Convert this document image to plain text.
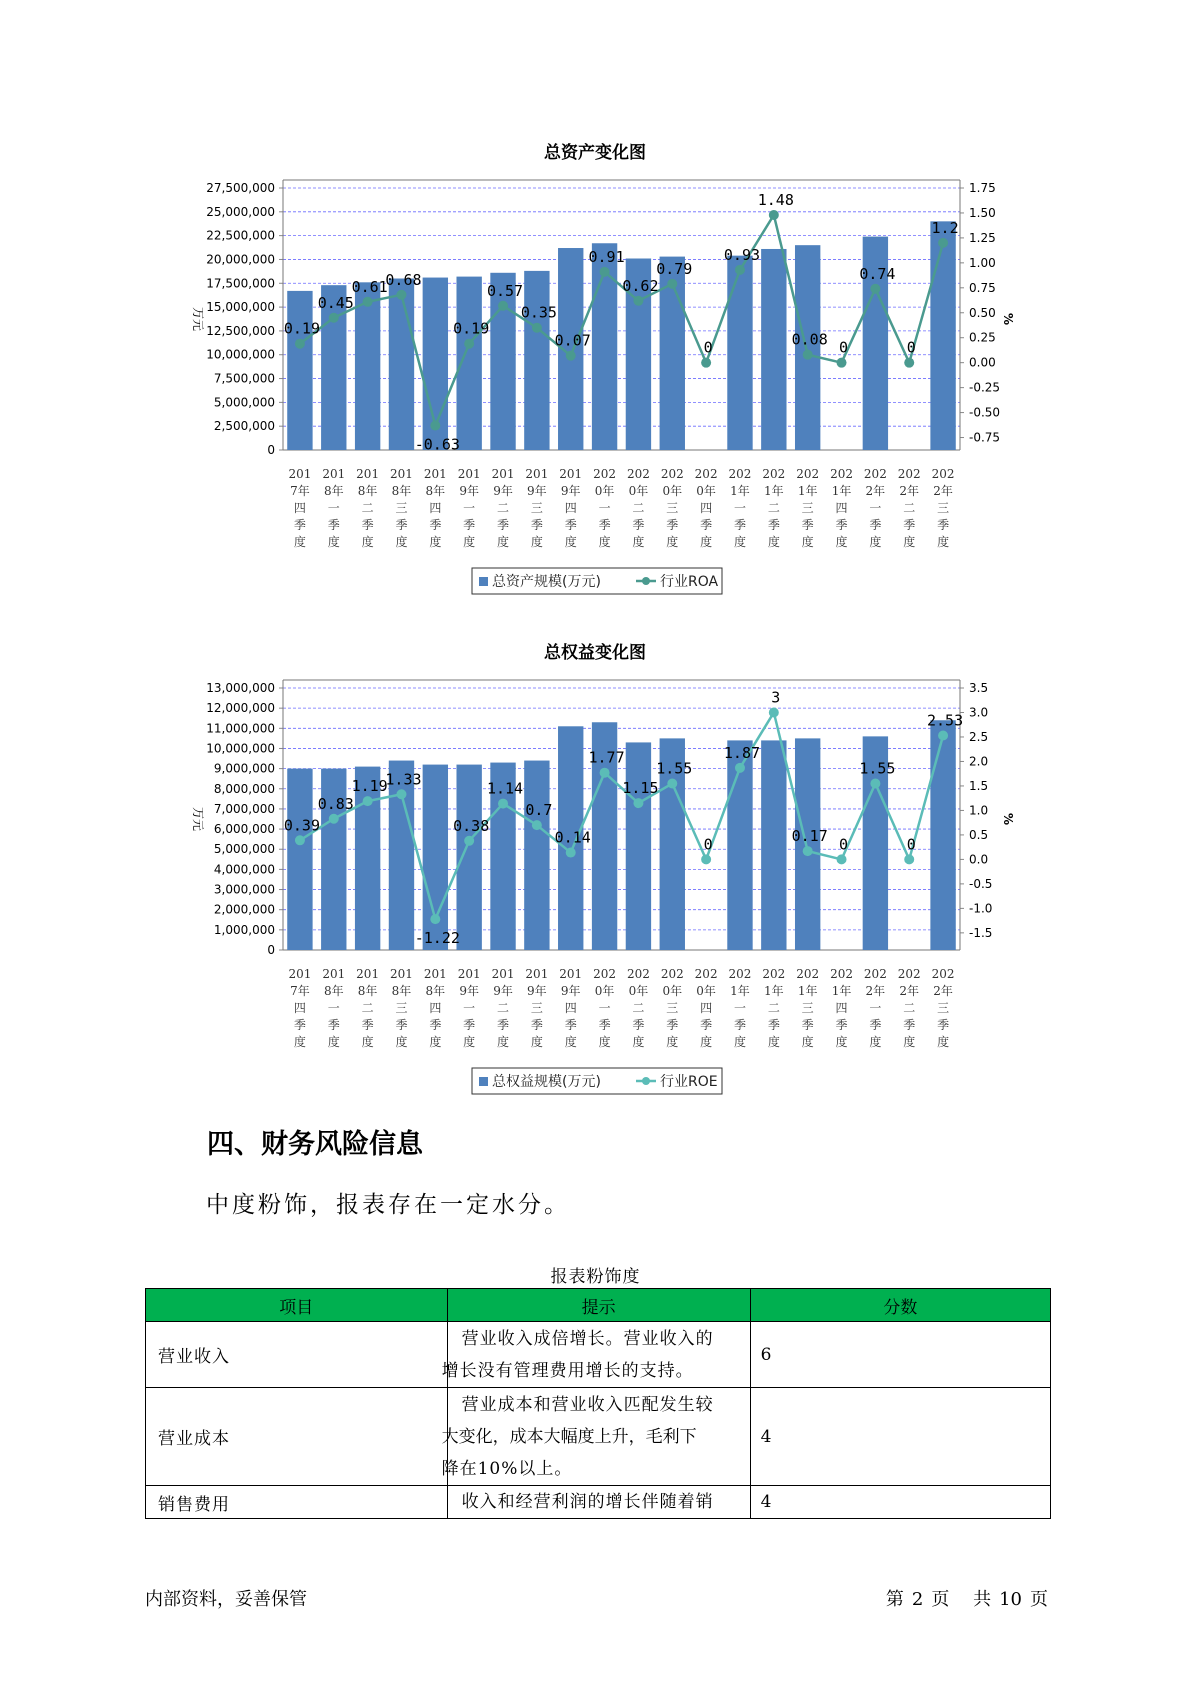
总资产变化图
0
2,500,000
5,000,000
7,500,000
10,000,000
12,500,000
15,000,000
17,500,000
20,000,000
22,500,000
25,000,000
27,500,000
-0.75
-0.50
-0.25
0.00
0.25
0.50
0.75
1.00
1.25
1.50
1.75
万元	%
0.19
0.45
0.61
0.68
-0.63
0.19
0.57
0.35
0.07
0.91
0.62
0.79
0
0.93
1.48
0.08 0
0.74
0
1.2
201
7年
四
季
度
201
8年
一
季
度
201
8年
二
季
度
201
8年
三
季
度
201
8年
四
季
度
201
9年
一
季
度
201
9年
二
季
度
201
9年
三
季
度
201
9年
四
季
度
202
0年
一
季
度
202
0年
二
季
度
202
0年
三
季
度
202
0年
四
季
度
202
1年
一
季
度
202
1年
二
季
度
202
1年
三
季
度
202
1年
四
季
度
202
2年
一
季
度
202
2年
二
季
度
202
2年
三
季
度
总资产规模(万元)	行业ROA
总权益变化图
0
1,000,000
2,000,000
3,000,000
4,000,000
5,000,000
6,000,000
7,000,000
8,000,000
9,000,000
10,000,000
11,000,000
12,000,000
13,000,000
-1.5
-1.0
-0.5
0.0
0.5
1.0
1.5
2.0
2.5
3.0
3.5
万元	%
0.39
0.83
1.19
1.33
-1.22
0.38
1.14
0.7
0.14
1.77
1.15
1.55
0
1.87
3
0.17 0
1.55
0
2.53
201
7年
四
季
度
201
8年
一
季
度
201
8年
二
季
度
201
8年
三
季
度
201
8年
四
季
度
201
9年
一
季
度
201
9年
二
季
度
201
9年
三
季
度
201
9年
四
季
度
202
0年
一
季
度
202
0年
二
季
度
202
0年
三
季
度
202
0年
四
季
度
202
1年
一
季
度
202
1年
二
季
度
202
1年
三
季
度
202
1年
四
季
度
202
2年
一
季
度
202
2年
二
季
度
202
2年
三
季
度
总权益规模(万元)	行业ROE
四、财务风险信息

中度粉饰，报表存在一定水分。

报表粉饰度
项目	提示	分数
营业收入	营业收入成倍增长。营业收入的
增长没有管理费用增长的支持。	6
营业成本	营业成本和营业收入匹配发生较
大变化，成本大幅度上升，毛利下
降在10%以上。	4
销售费用	收入和经营利润的增长伴随着销	4
内部资料，妥善保管	第 2 页 共 10 页
